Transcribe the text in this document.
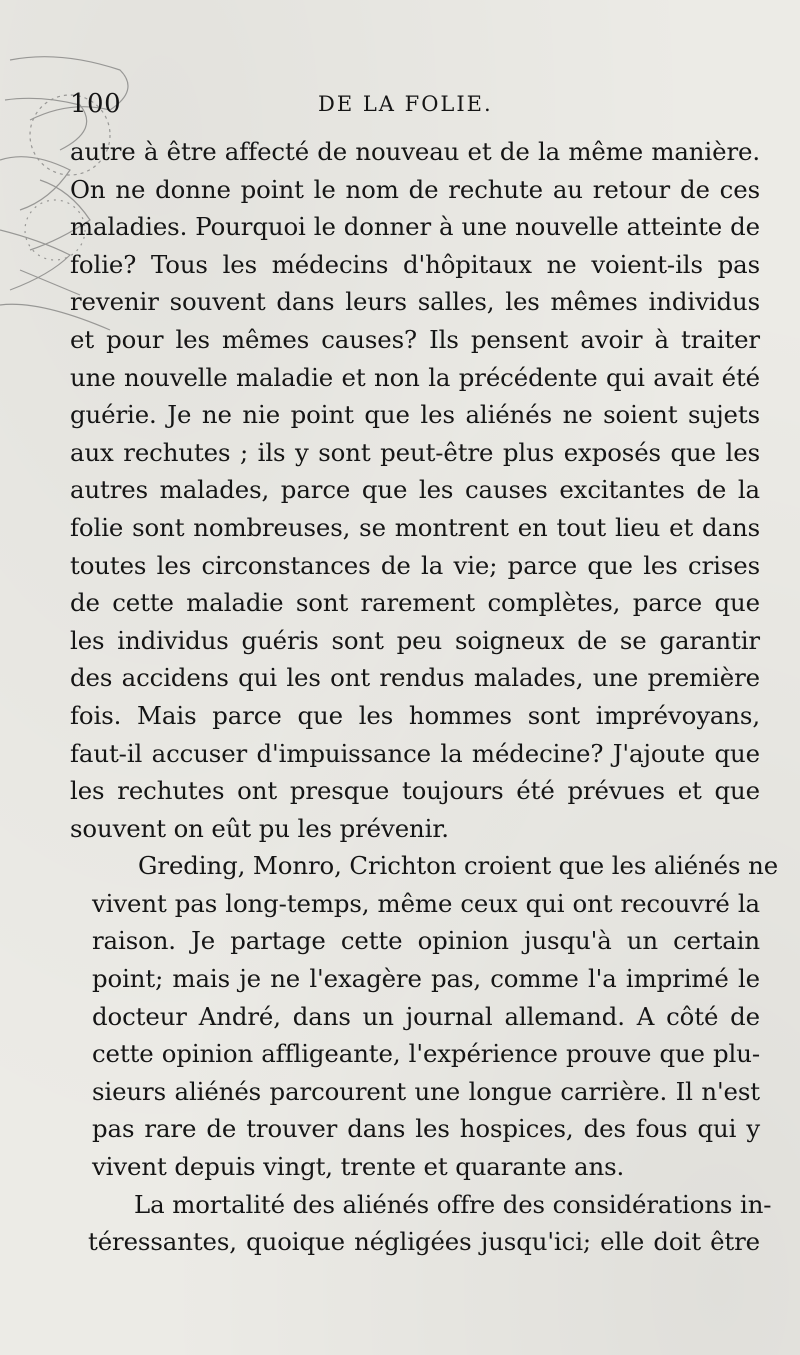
100	DE LA FOLIE.

autre à être affecté de nouveau et de la même manière.
On ne donne point le nom de rechute au retour de ces
maladies. Pourquoi le donner à une nouvelle atteinte de
folie? Tous les médecins d'hôpitaux ne voient-ils pas
revenir souvent dans leurs salles, les mêmes individus
et pour les mêmes causes? Ils pensent avoir à traiter
une nouvelle maladie et non la précédente qui avait été
guérie. Je ne nie point que les aliénés ne soient sujets
aux rechutes ; ils y sont peut-être plus exposés que les
autres malades, parce que les causes excitantes de la
folie sont nombreuses, se montrent en tout lieu et dans
toutes les circonstances de la vie; parce que les crises
de cette maladie sont rarement complètes, parce que
les individus guéris sont peu soigneux de se garantir
des accidens qui les ont rendus malades, une première
fois. Mais parce que les hommes sont imprévoyans,
faut-il accuser d'impuissance la médecine? J'ajoute que
les rechutes ont presque toujours été prévues et que
souvent on eût pu les prévenir.

Greding, Monro, Crichton croient que les aliénés ne
vivent pas long-temps, même ceux qui ont recouvré la
raison. Je partage cette opinion jusqu'à un certain
point; mais je ne l'exagère pas, comme l'a imprimé le
docteur André, dans un journal allemand. A côté de
cette opinion affligeante, l'expérience prouve que plu-
sieurs aliénés parcourent une longue carrière. Il n'est
pas rare de trouver dans les hospices, des fous qui y
vivent depuis vingt, trente et quarante ans.

La mortalité des aliénés offre des considérations in-
téressantes, quoique négligées jusqu'ici; elle doit être
